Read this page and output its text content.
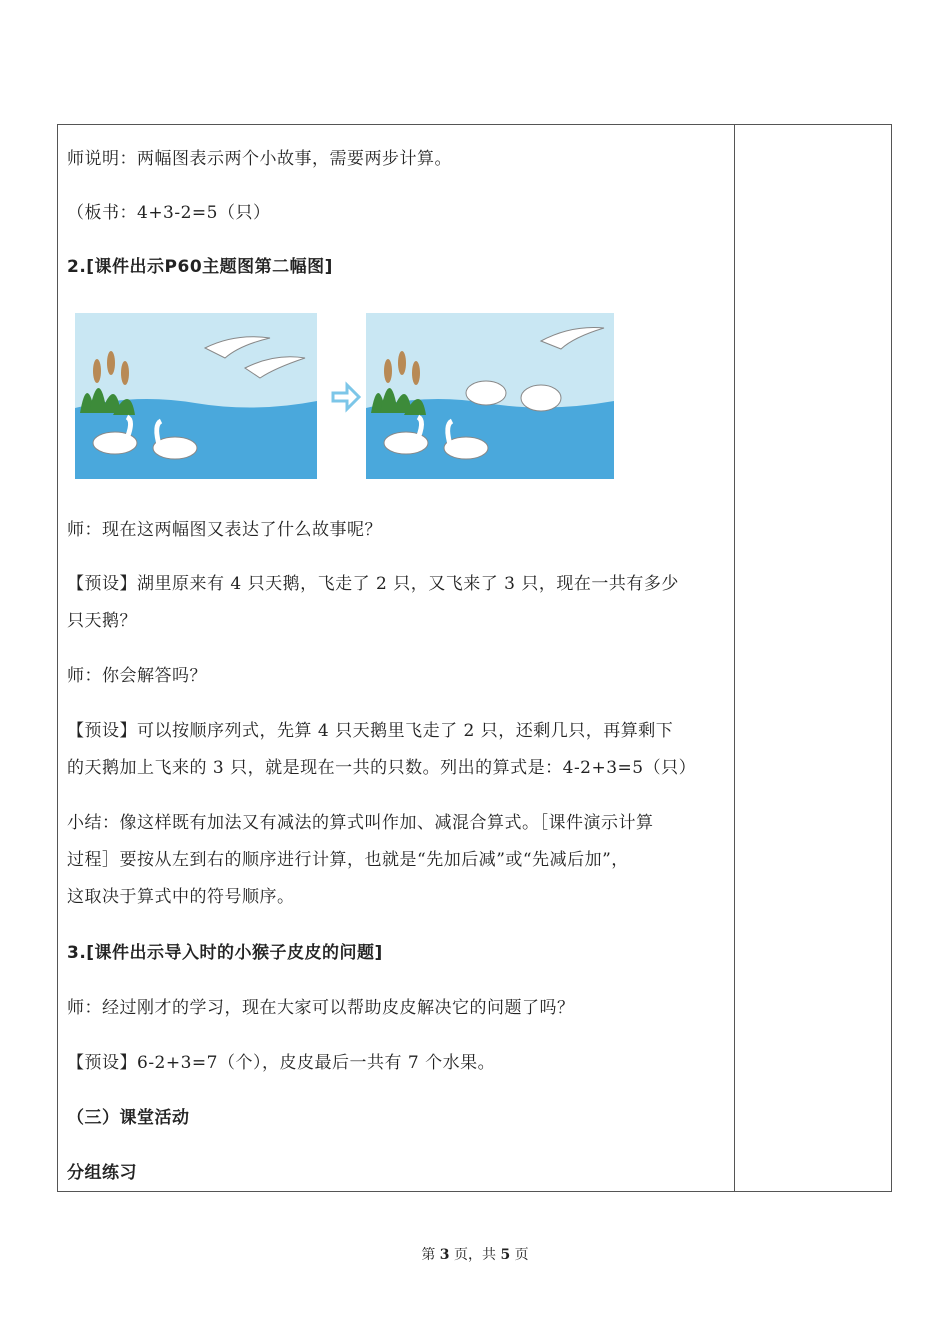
师说明：两幅图表示两个小故事，需要两步计算。
（板书：4+3-2=5（只）
2.[课件出示P60主题图第二幅图]
师：现在这两幅图又表达了什么故事呢？
【预设】湖里原来有 4 只天鹅，飞走了 2 只，又飞来了 3 只，现在一共有多少
只天鹅？
师：你会解答吗？
【预设】可以按顺序列式，先算 4 只天鹅里飞走了 2 只，还剩几只，再算剩下
的天鹅加上飞来的 3 只，就是现在一共的只数。列出的算式是：4-2+3=5（只）
小结：像这样既有加法又有减法的算式叫作加、减混合算式。［课件演示计算
过程］要按从左到右的顺序进行计算，也就是“先加后减”或“先减后加”，
这取决于算式中的符号顺序。
3.[课件出示导入时的小猴子皮皮的问题]
师：经过刚才的学习，现在大家可以帮助皮皮解决它的问题了吗？
【预设】6-2+3=7（个），皮皮最后一共有 7 个水果。
（三）课堂活动
分组练习
第 3 页，共 5 页
